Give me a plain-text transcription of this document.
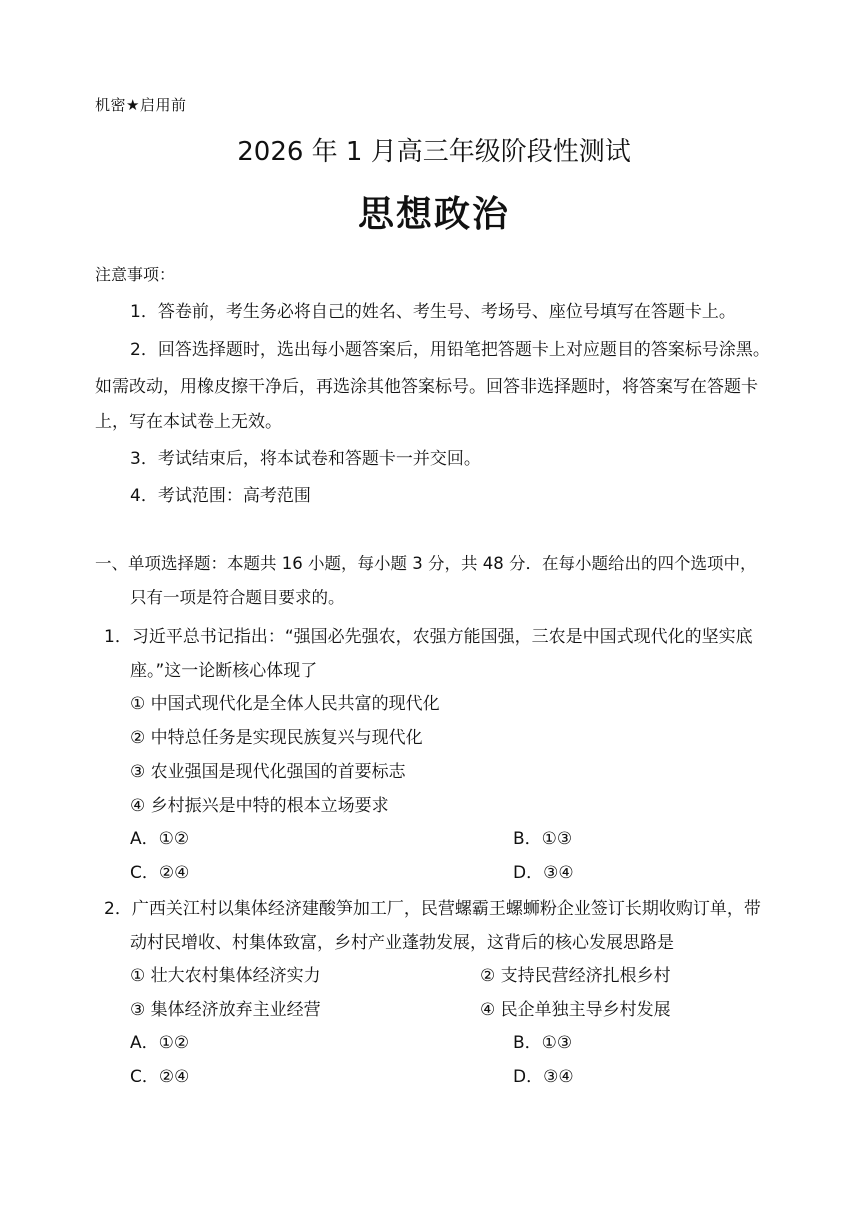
机密★启用前
2026 年 1 月高三年级阶段性测试
思想政治
注意事项：
1．答卷前，考生务必将自己的姓名、考生号、考场号、座位号填写在答题卡上。
2．回答选择题时，选出每小题答案后，用铅笔把答题卡上对应题目的答案标号涂黑。
如需改动，用橡皮擦干净后，再选涂其他答案标号。回答非选择题时，将答案写在答题卡
上，写在本试卷上无效。
3．考试结束后，将本试卷和答题卡一并交回。
4．考试范围：高考范围
一、单项选择题：本题共 16 小题，每小题 3 分，共 48 分．在每小题给出的四个选项中，
只有一项是符合题目要求的。
1．习近平总书记指出：“强国必先强农，农强方能国强，三农是中国式现代化的坚实底
座。”这一论断核心体现了
① 中国式现代化是全体人民共富的现代化
② 中特总任务是实现民族复兴与现代化
③ 农业强国是现代化强国的首要标志
④ 乡村振兴是中特的根本立场要求
A．①②	B．①③
C．②④	D．③④
2．广西关江村以集体经济建酸笋加工厂，民营螺霸王螺蛳粉企业签订长期收购订单，带
动村民增收、村集体致富，乡村产业蓬勃发展，这背后的核心发展思路是
① 壮大农村集体经济实力	② 支持民营经济扎根乡村
③ 集体经济放弃主业经营	④ 民企单独主导乡村发展
A．①②	B．①③
C．②④	D．③④
